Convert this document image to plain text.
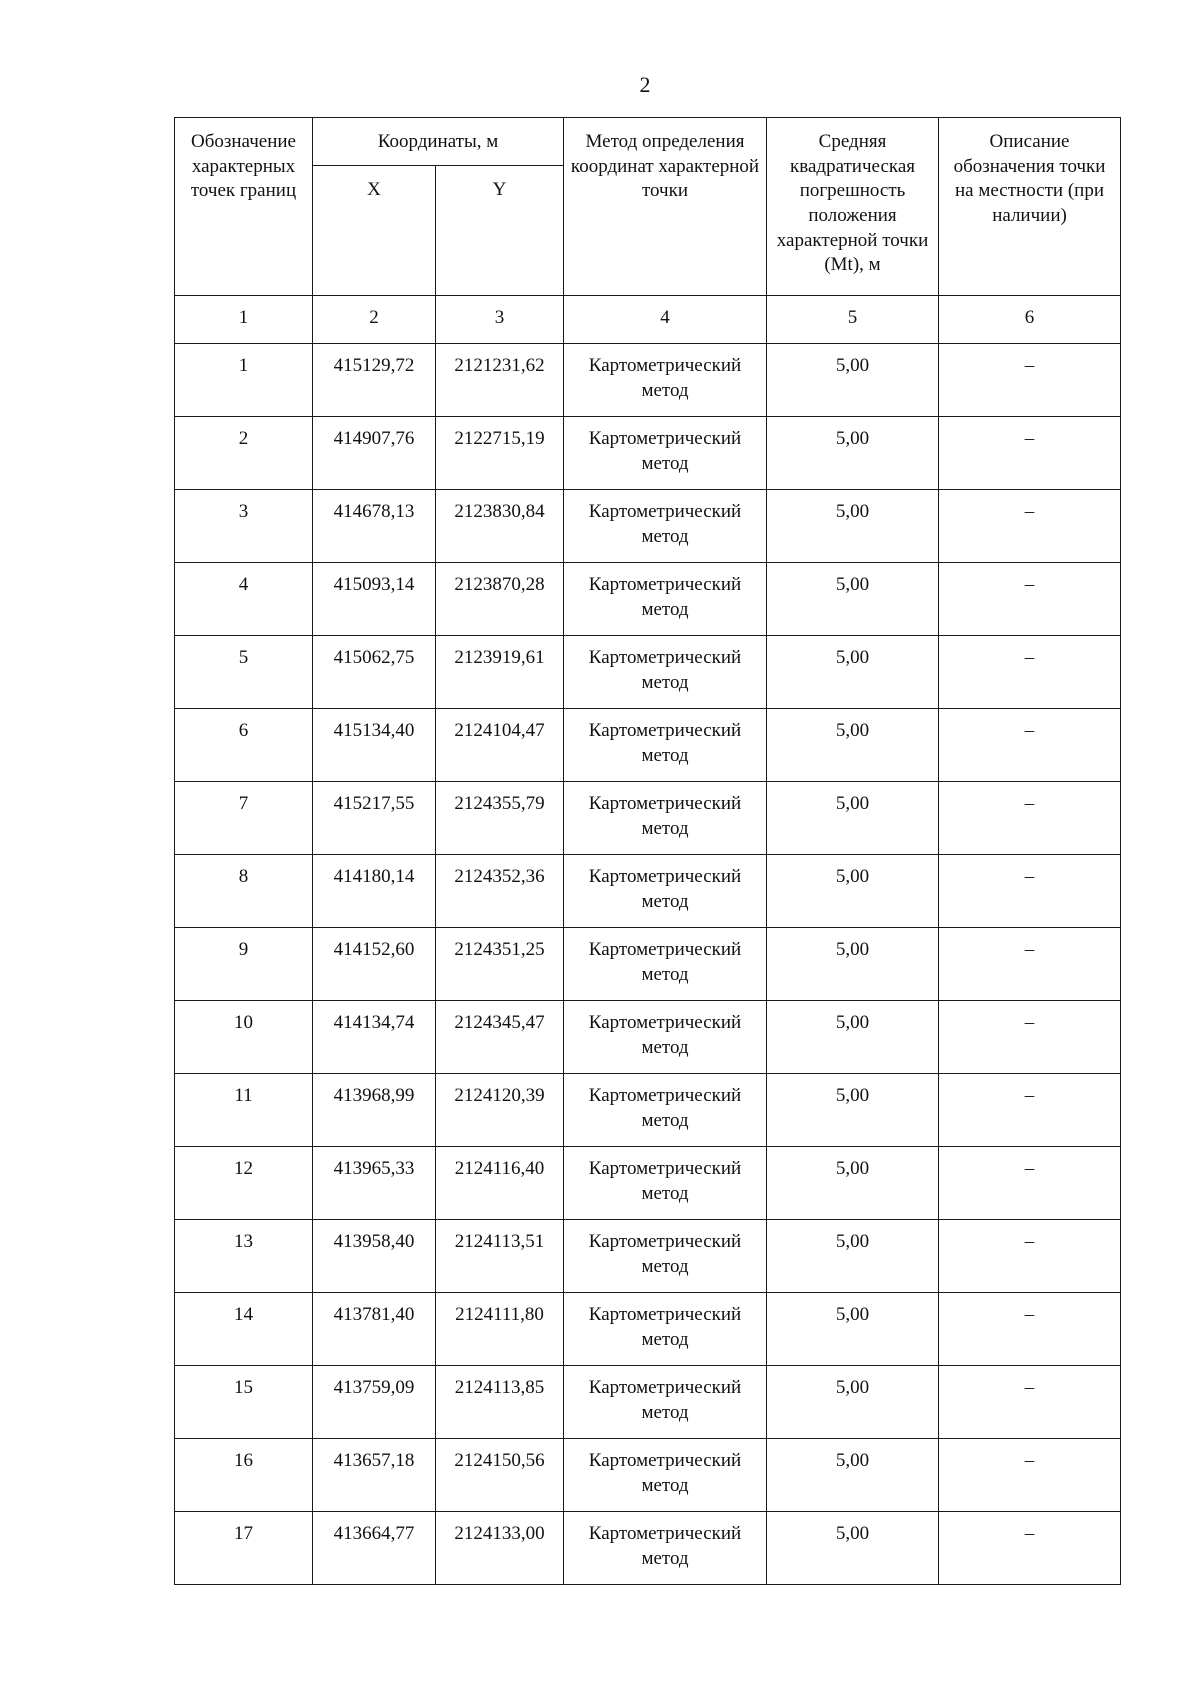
2
Обозначение характерных точек границ	Координаты, м		Метод определения координат характерной точки	Средняя квадратическая погрешность положения характерной точки (Mt), м	Описание обозначения точки на местности (при наличии)
	X	Y			
1	2	3	4	5	6
1	415129,72	2121231,62	Картометрический метод	5,00	–
2	414907,76	2122715,19	Картометрический метод	5,00	–
3	414678,13	2123830,84	Картометрический метод	5,00	–
4	415093,14	2123870,28	Картометрический метод	5,00	–
5	415062,75	2123919,61	Картометрический метод	5,00	–
6	415134,40	2124104,47	Картометрический метод	5,00	–
7	415217,55	2124355,79	Картометрический метод	5,00	–
8	414180,14	2124352,36	Картометрический метод	5,00	–
9	414152,60	2124351,25	Картометрический метод	5,00	–
10	414134,74	2124345,47	Картометрический метод	5,00	–
11	413968,99	2124120,39	Картометрический метод	5,00	–
12	413965,33	2124116,40	Картометрический метод	5,00	–
13	413958,40	2124113,51	Картометрический метод	5,00	–
14	413781,40	2124111,80	Картометрический метод	5,00	–
15	413759,09	2124113,85	Картометрический метод	5,00	–
16	413657,18	2124150,56	Картометрический метод	5,00	–
17	413664,77	2124133,00	Картометрический метод	5,00	–
